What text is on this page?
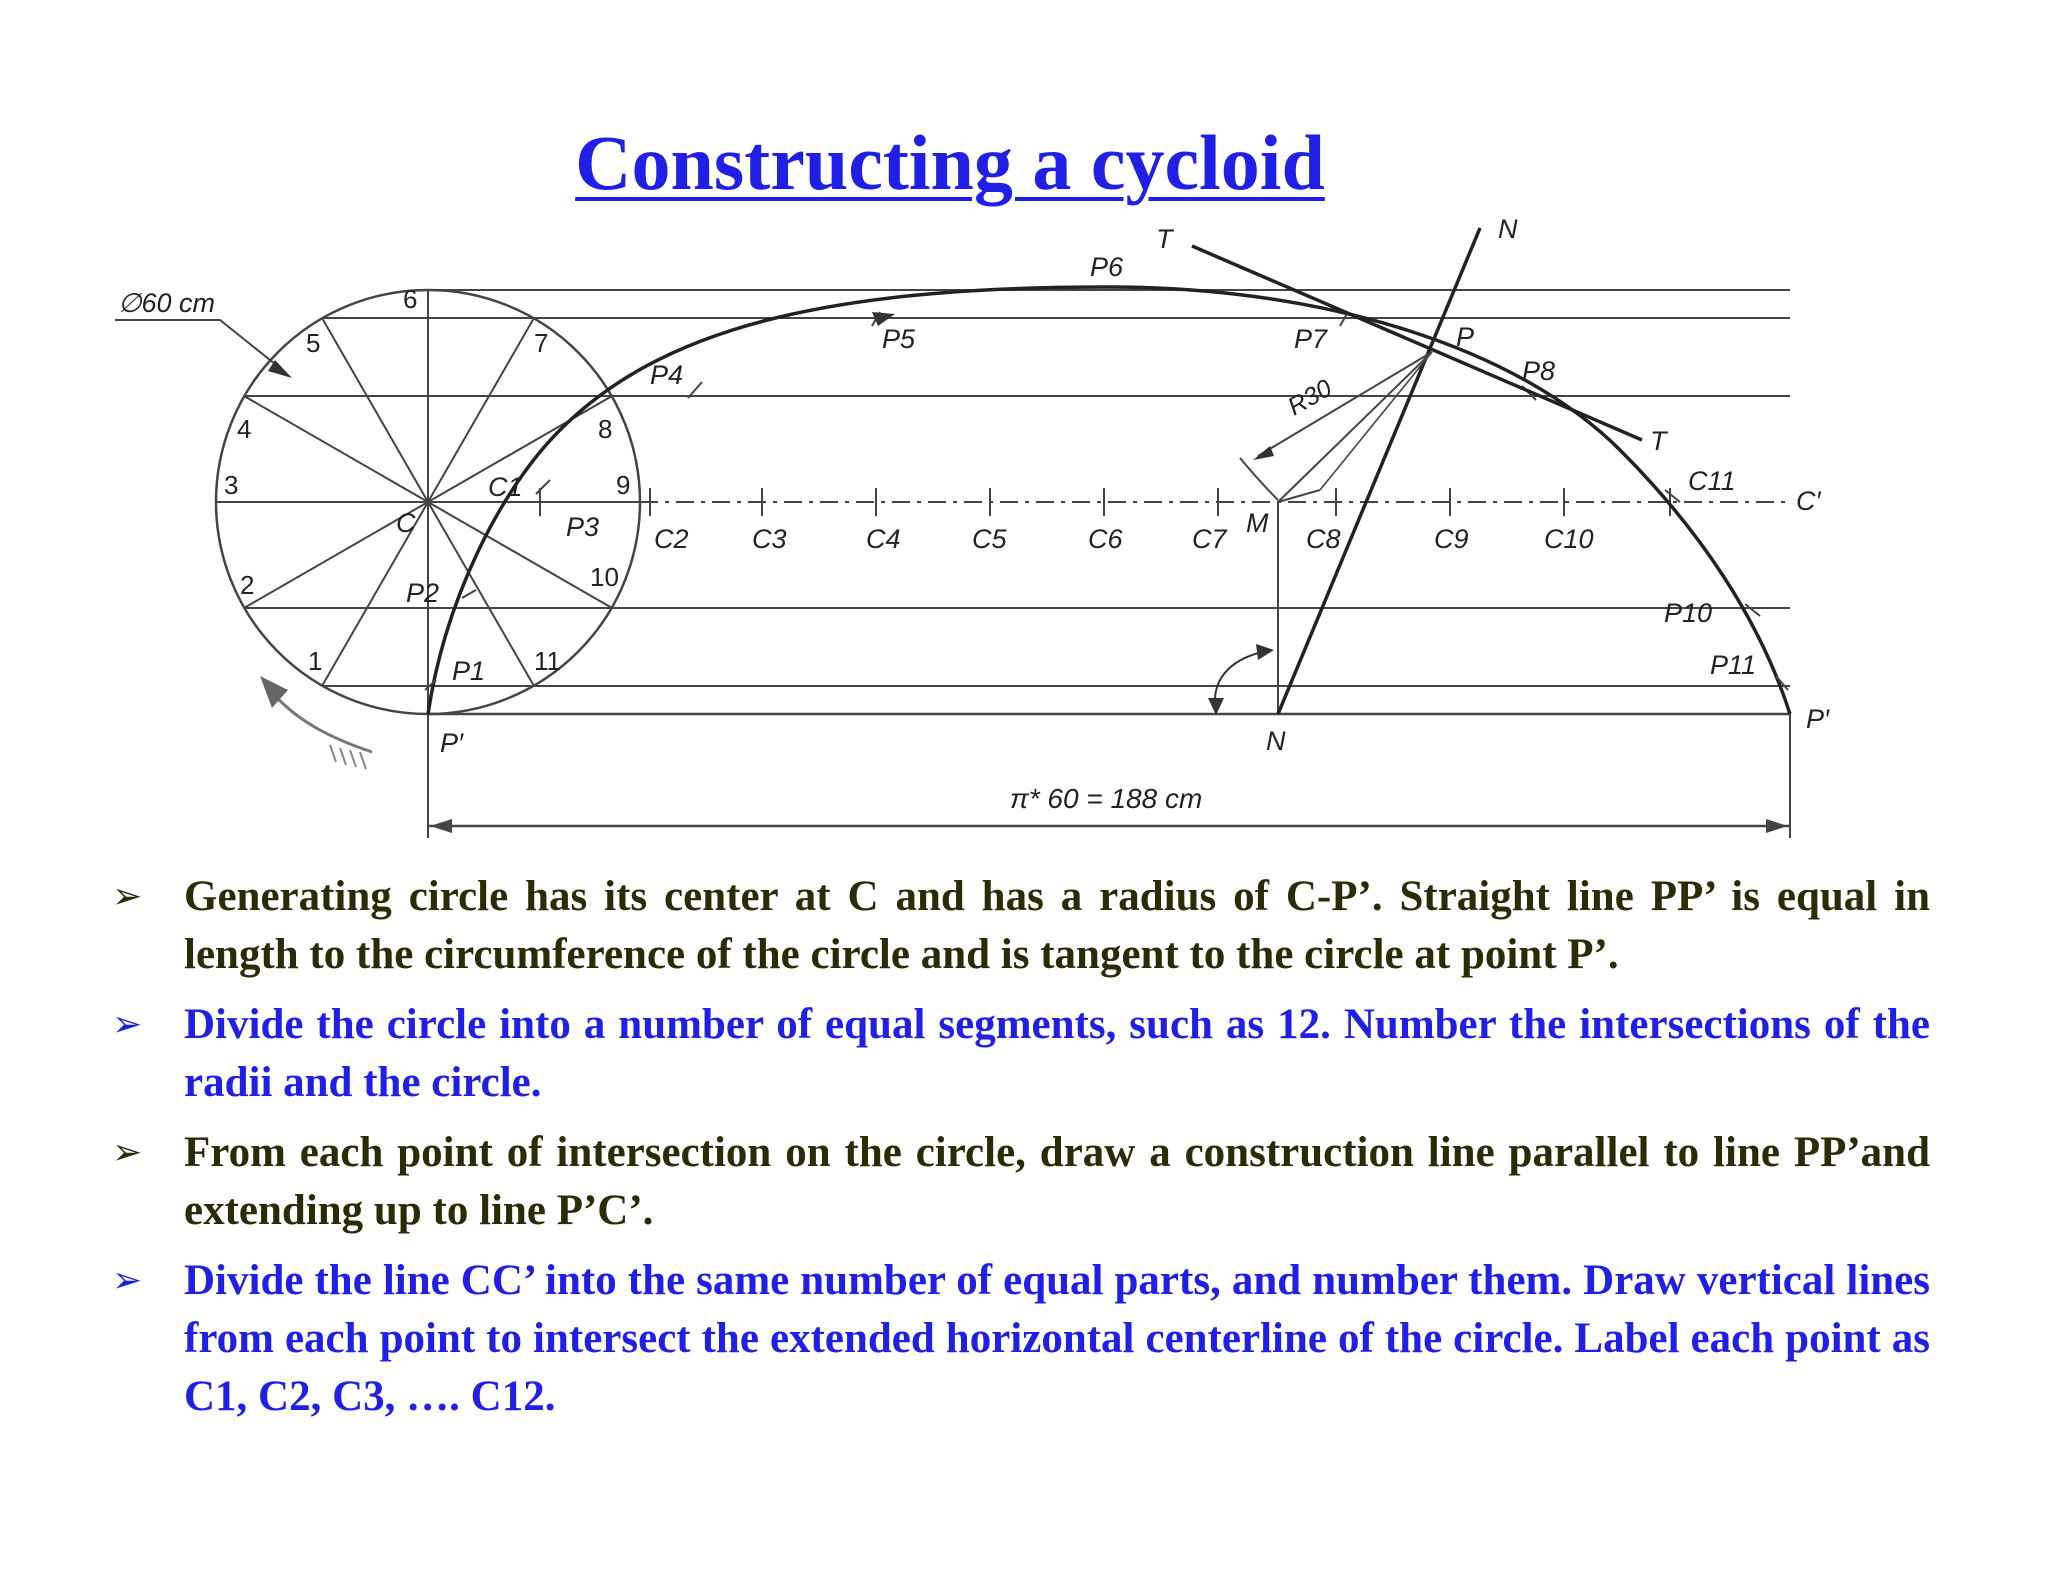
Constructing a cycloid
∅60 cm	6
5	7
4	8
3	9
2	10
1	11
C
C1
C2 C3	C4	C5	C6	C7	C8	C9	C10
C11
C′
P1
P2
P3
P4
P5
P6
P7
P8
P10
P11
P′
P′
P
T
T
N
N
M
R30
π* 60 = 188 cm
➢ Generating circle has its center at C and has a radius of C-P’. Straight line PP’ is equal in length to the circumference of the circle and is tangent to the circle at point P’.
➢ Divide the circle into a number of equal segments, such as 12. Number the intersections of the radii and the circle.
➢ From each point of intersection on the circle, draw a construction line parallel to line PP’and extending up to line P’C’.
➢ Divide the line CC’ into the same number of equal parts, and number them. Draw vertical lines from each point to intersect the extended horizontal centerline of the circle. Label each point as C1, C2, C3, …. C12.
